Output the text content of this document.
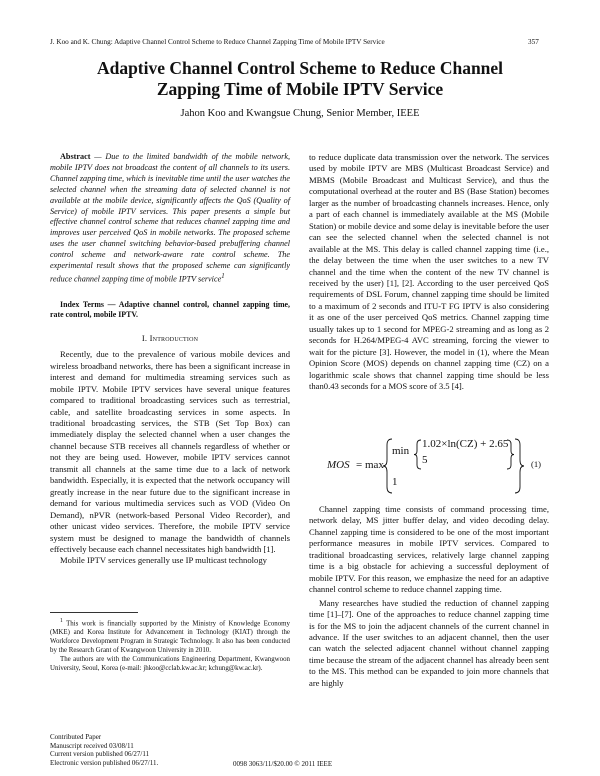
J. Koo and K. Chung: Adaptive Channel Control Scheme to Reduce Channel Zapping Time of Mobile IPTV Service	357
Adaptive Channel Control Scheme to Reduce Channel
Zapping Time of Mobile IPTV Service
Jahon Koo and Kwangsue Chung, Senior Member, IEEE

Abstract — Due to the limited bandwidth of the mobile network, mobile IPTV does not broadcast the content of all channels to its users. Channel zapping time, which is inevitable time until the user watches the selected channel when the streaming data of selected channel is not available at the mobile device, significantly affects the QoS (Quality of Service) of mobile IPTV services. This paper presents a simple but effective channel control scheme that reduces channel zapping time and improves user perceived QoS in mobile networks. The proposed scheme uses the user channel switching behavior-based prebuffering channel control scheme and network-aware rate control scheme. The experimental result shows that the proposed scheme can significantly reduce channel zapping time of mobile IPTV service$^1$

Index Terms — Adaptive channel control, channel zapping time, rate control, mobile IPTV.

I. Introduction

Recently, due to the prevalence of various mobile devices and wireless broadband networks, there has been a significant increase in interest and demand for multimedia streaming services such as mobile IPTV. Mobile IPTV services have several unique features compared to traditional broadcasting services such as terrestrial, cable, and satellite broadcasting services in some aspects. In traditional broadcasting services, the STB (Set Top Box) can immediately display the selected channel when a user changes the channel because STB receives all channels regardless of whether or not they are being used. However, mobile IPTV services cannot transmit all channels at the same time due to a lack of network bandwidth. Especially, it is expected that the network occupancy will greatly increase in the near future due to the significant increase in demand for various multimedia services such as VOD (Video On Demand), nPVR (network-based Personal Video Recorder), and other unicast video services. Therefore, the mobile IPTV service system must be designed to manage the bandwidth of channels effectively because each channel necessitates high bandwidth [1].

Mobile IPTV services generally use IP multicast technology

$^1$ This work is financially supported by the Ministry of Knowledge Economy (MKE) and Korea Institute for Advancement in Technology (KIAT) through the Workforce Development Program in Strategic Technology. It also has been conducted by the Research Grant of Kwangwoon University in 2010.

The authors are with the Communications Engineering Department, Kwangwoon University, Seoul, Korea (e-mail: jhkoo@cclab.kw.ac.kr; kchung@kw.ac.kr).

Contributed Paper
Manuscript received 03/08/11
Current version published 06/27/11
Electronic version published 06/27/11.	0098 3063/11/$20.00 © 2011 IEEE

to reduce duplicate data transmission over the network. The services used by mobile IPTV are MBS (Multicast Broadcast Service) and MBMS (Mobile Broadcast and Multicast Service), and thus the computational overhead at the router and BS (Base Station) becomes larger as the number of broadcasting channels increases. Hence, only a part of each channel is immediately available at the MS (Mobile Station) or mobile device and some delay is inevitable before the user can see the selected channel when the selected channel is not available at the MS. This delay is called channel zapping time (i.e., the delay between the time when the user switches to a new TV channel and the time when the content of the new TV channel is received by the user) [1], [2]. According to the user perceived QoS requirements of DSL Forum, channel zapping time should be limited to a maximum of 2 seconds and ITU-T FG IPTV is also considering it as one of the user perceived QoS metrics. Channel zapping time usually takes up to 1 second for MPEG-2 streaming and as long as 2 seconds for H.264/MPEG-4 AVC streaming, forcing the viewer to wait for the picture [3]. However, the model in (1), where the Mean Opinion Score (MOS) depends on channel zapping time (CZ) on a logarithmic scale shows that channel zapping time should be less than0.43 seconds for a MOS score of 3.5 [4].

MOS = max
min
1.02×ln(CZ) + 2.65
5
1
(1)

Channel zapping time consists of command processing time, network delay, MS jitter buffer delay, and video decoding delay. Channel zapping time is considered to be one of the most important performance measures in mobile IPTV services. Compared to traditional broadcasting services, relatively large channel zapping time is a big obstacle for achieving a successful deployment of mobile IPTV. For this reason, we emphasize the need for an adaptive channel control scheme to reduce channel zapping time.

Many researches have studied the reduction of channel zapping time [1]–[7]. One of the approaches to reduce channel zapping time is for the MS to join the adjacent channels of the current channel in advance. If the user switches to an adjacent channel, then the user can watch the selected adjacent channel without channel zapping time because the stream of the adjacent channel has already been sent to the MS. This method can be expanded to join more channels that are highly
